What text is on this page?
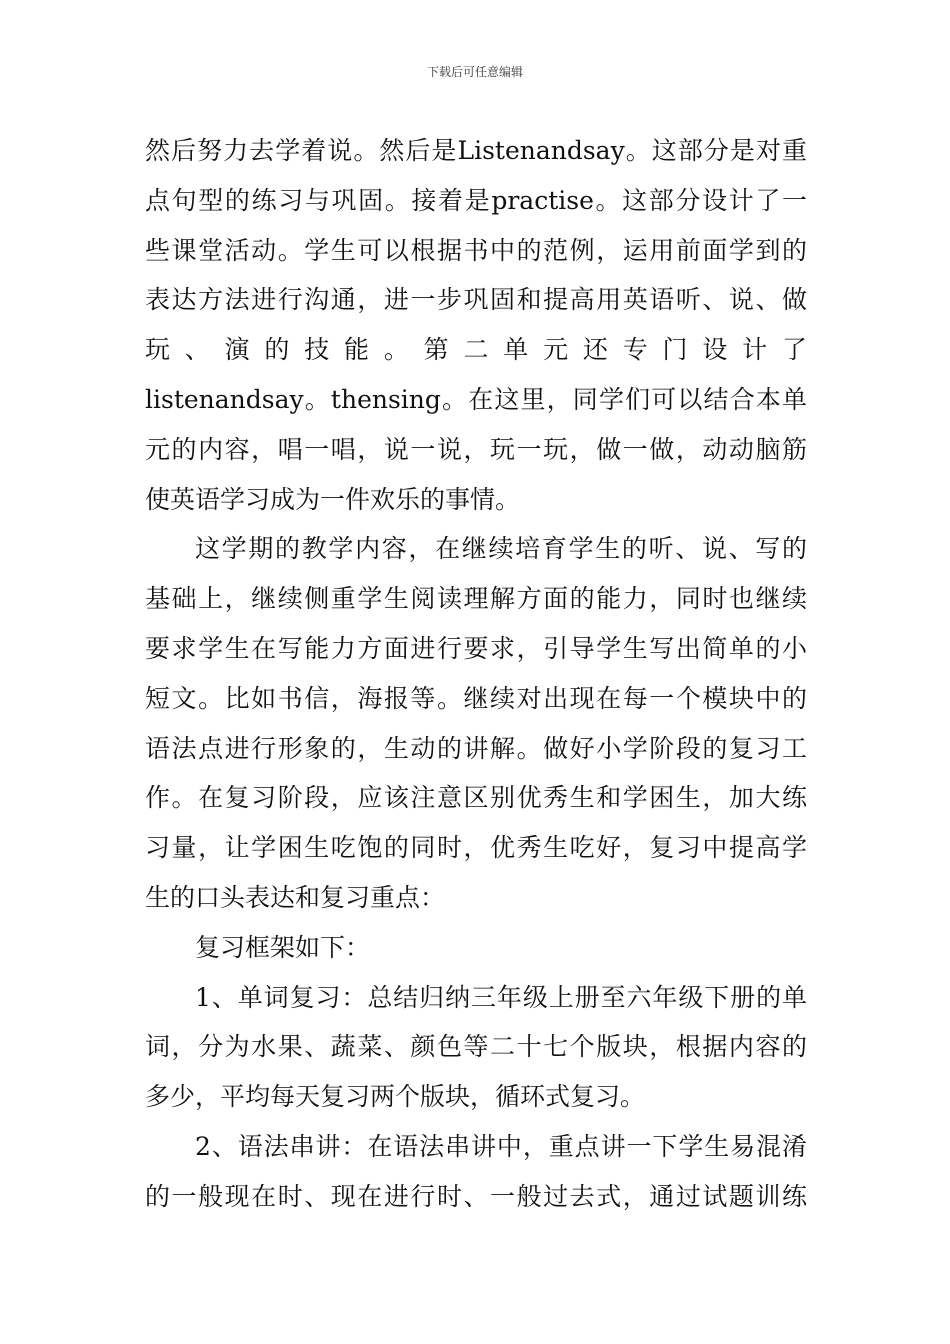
下载后可任意编辑

然后努力去学着说。然后是Listenandsay。这部分是对重
点句型的练习与巩固。接着是practise。这部分设计了一
些课堂活动。学生可以根据书中的范例，运用前面学到的
表达方法进行沟通，进一步巩固和提高用英语听、说、做
玩 、 演 的 技 能 。 第 二 单 元 还 专 门 设 计 了
listenandsay。thensing。在这里，同学们可以结合本单
元的内容，唱一唱，说一说，玩一玩，做一做，动动脑筋
使英语学习成为一件欢乐的事情。

这学期的教学内容，在继续培育学生的听、说、写的
基础上，继续侧重学生阅读理解方面的能力，同时也继续
要求学生在写能力方面进行要求，引导学生写出简单的小
短文。比如书信，海报等。继续对出现在每一个模块中的
语法点进行形象的，生动的讲解。做好小学阶段的复习工
作。在复习阶段，应该注意区别优秀生和学困生，加大练
习量，让学困生吃饱的同时，优秀生吃好，复习中提高学
生的口头表达和复习重点：

复习框架如下：

1、单词复习：总结归纳三年级上册至六年级下册的单
词，分为水果、蔬菜、颜色等二十七个版块，根据内容的
多少，平均每天复习两个版块，循环式复习。

2、语法串讲：在语法串讲中，重点讲一下学生易混淆
的一般现在时、现在进行时、一般过去式，通过试题训练
